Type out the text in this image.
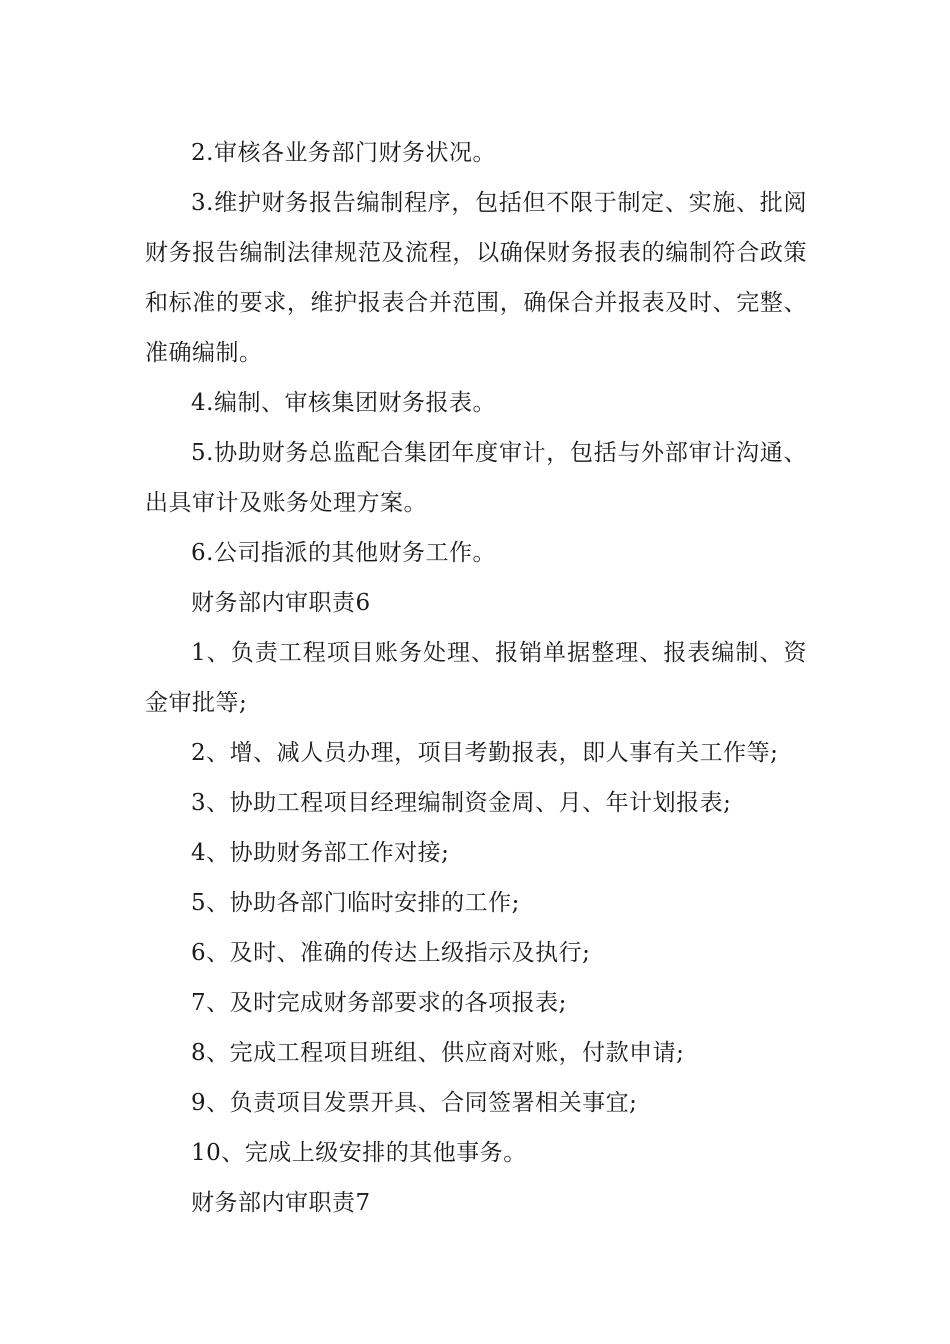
2.审核各业务部门财务状况。

3.维护财务报告编制程序，包括但不限于制定、实施、批阅财务报告编制法律规范及流程，以确保财务报表的编制符合政策和标准的要求，维护报表合并范围，确保合并报表及时、完整、准确编制。

4.编制、审核集团财务报表。

5.协助财务总监配合集团年度审计，包括与外部审计沟通、出具审计及账务处理方案。

6.公司指派的其他财务工作。

财务部内审职责6

1、负责工程项目账务处理、报销单据整理、报表编制、资金审批等;

2、增、减人员办理，项目考勤报表，即人事有关工作等;

3、协助工程项目经理编制资金周、月、年计划报表;

4、协助财务部工作对接;

5、协助各部门临时安排的工作;

6、及时、准确的传达上级指示及执行;

7、及时完成财务部要求的各项报表;

8、完成工程项目班组、供应商对账，付款申请;

9、负责项目发票开具、合同签署相关事宜;

10、完成上级安排的其他事务。

财务部内审职责7
